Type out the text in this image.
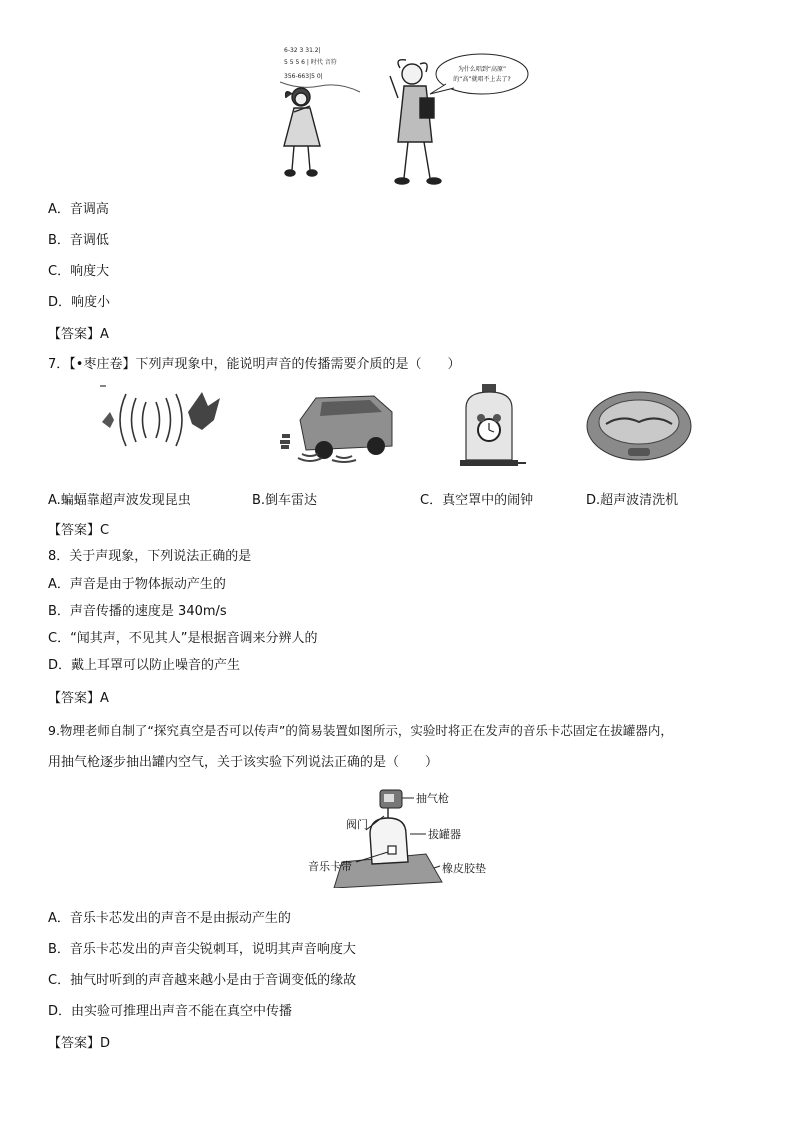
6-32 3 31.2|
5 5 5 6 | 时代 音符
356-663|5 0|
为什么唱到“高原”
的“高”就唱不上去了?
A．音调高
B．音调低
C．响度大
D．响度小
【答案】A
7．【•枣庄卷】下列声现象中，能说明声音的传播需要介质的是（　　）
A.蝙蝠靠超声波发现昆虫	B.倒车雷达	C．真空罩中的闹钟	D.超声波清洗机
【答案】C
8．关于声现象，下列说法正确的是
A．声音是由于物体振动产生的
B．声音传播的速度是 340m/s
C．“闻其声，不见其人”是根据音调来分辨人的
D．戴上耳罩可以防止噪音的产生
【答案】A
9.物理老师自制了“探究真空是否可以传声”的简易装置如图所示，实验时将正在发声的音乐卡芯固定在拔罐器内，
用抽气枪逐步抽出罐内空气，关于该实验下列说法正确的是（　　）
抽气枪
阀门
拔罐器
音乐卡带	橡皮胶垫
A．音乐卡芯发出的声音不是由振动产生的
B．音乐卡芯发出的声音尖锐刺耳，说明其声音响度大
C．抽气时听到的声音越来越小是由于音调变低的缘故
D．由实验可推理出声音不能在真空中传播
【答案】D
